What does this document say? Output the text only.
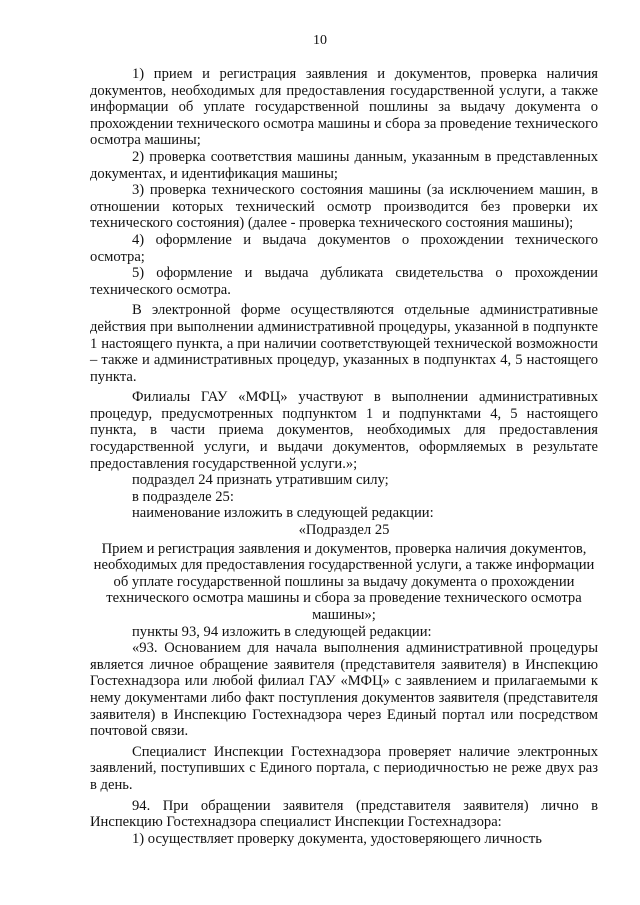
10

1) прием и регистрация заявления и документов, проверка наличия документов, необходимых для предоставления государственной услуги, а также информации об уплате государственной пошлины за выдачу документа о прохождении технического осмотра машины и сбора за проведение технического осмотра машины;

2) проверка соответствия машины данным, указанным в представленных документах, и идентификация машины;

3) проверка технического состояния машины (за исключением машин, в отношении которых технический осмотр производится без проверки их технического состояния) (далее - проверка технического состояния машины);

4) оформление и выдача документов о прохождении технического осмотра;

5) оформление и выдача дубликата свидетельства о прохождении технического осмотра.

В электронной форме осуществляются отдельные административные действия при выполнении административной процедуры, указанной в подпункте 1 настоящего пункта, а при наличии соответствующей технической возможности – также и административных процедур, указанных в подпунктах 4, 5 настоящего пункта.

Филиалы ГАУ «МФЦ» участвуют в выполнении административных процедур, предусмотренных подпунктом 1 и подпунктами 4, 5 настоящего пункта, в части приема документов, необходимых для предоставления государственной услуги, и выдачи документов, оформляемых в результате предоставления государственной услуги.»;

подраздел 24 признать утратившим силу;

в подразделе 25:

наименование изложить в следующей редакции:

«Подраздел 25

Прием и регистрация заявления и документов, проверка наличия документов, необходимых для предоставления государственной услуги, а также информации об уплате государственной пошлины за выдачу документа о прохождении технического осмотра машины и сбора за проведение технического осмотра машины»;

пункты 93, 94 изложить в следующей редакции:

«93. Основанием для начала выполнения административной процедуры является личное обращение заявителя (представителя заявителя) в Инспекцию Гостехнадзора или любой филиал ГАУ «МФЦ» с заявлением и прилагаемыми к нему документами либо факт поступления документов заявителя (представителя заявителя) в Инспекцию Гостехнадзора через Единый портал или посредством почтовой связи.

Специалист Инспекции Гостехнадзора проверяет наличие электронных заявлений, поступивших с Единого портала, с периодичностью не реже двух раз в день.

94. При обращении заявителя (представителя заявителя) лично в Инспекцию Гостехнадзора специалист Инспекции Гостехнадзора:

1) осуществляет проверку документа, удостоверяющего личность
